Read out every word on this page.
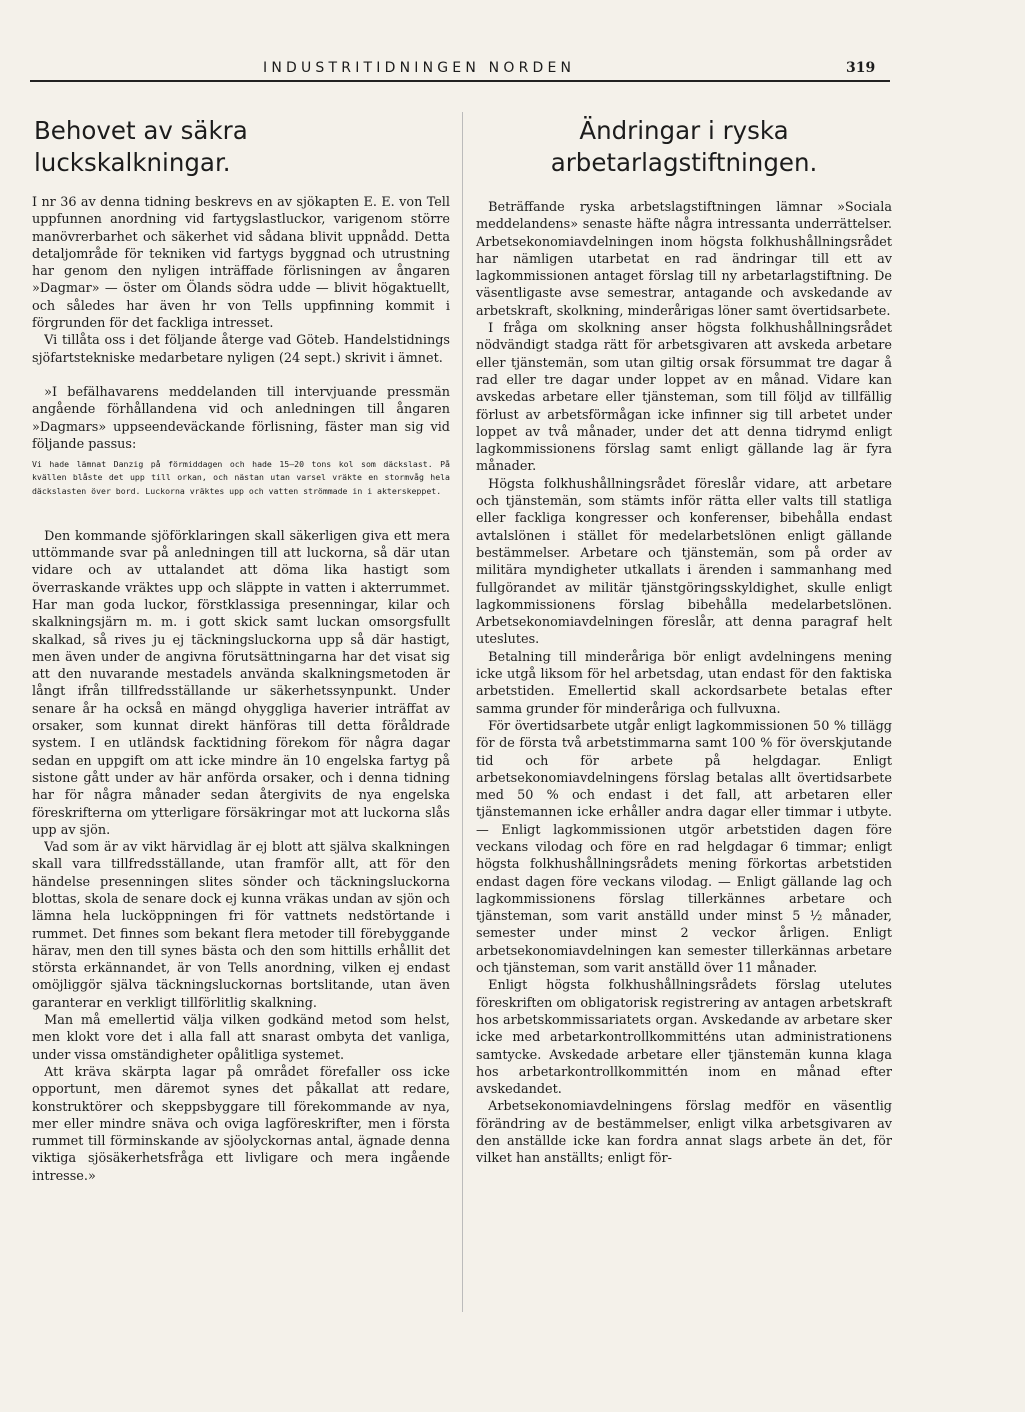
INDUSTRITIDNINGEN NORDEN	319
Behovet av säkra luckskalkningar.

I nr 36 av denna tidning beskrevs en av sjökapten E. E. von Tell uppfunnen anordning vid fartygslastluckor, varigenom större manövrerbarhet och säkerhet vid sådana blivit uppnådd. Detta detaljområde för tekniken vid fartygs byggnad och utrustning har genom den nyligen inträffade förlisningen av ångaren »Dagmar» — öster om Ölands södra udde — blivit högaktuellt, och således har även hr von Tells uppfinning kommit i förgrunden för det fackliga intresset.

Vi tillåta oss i det följande återge vad Göteb. Handelstidnings sjöfartstekniske medarbetare nyligen (24 sept.) skrivit i ämnet.

»I befälhavarens meddelanden till intervjuande pressmän angående förhållandena vid och anledningen till ångaren »Dagmars» uppseendeväckande förlisning, fäster man sig vid följande passus:

Vi hade lämnat Danzig på förmiddagen och hade 15—20 tons kol som däckslast. På kvällen blåste det upp till orkan, och nästan utan varsel vräkte en stormvåg hela däckslasten över bord. Luckorna vräktes upp och vatten strömmade in i akterskeppet.

Den kommande sjöförklaringen skall säkerligen giva ett mera uttömmande svar på anledningen till att luckorna, så där utan vidare och av uttalandet att döma lika hastigt som överraskande vräktes upp och släppte in vatten i akterrummet. Har man goda luckor, förstklassiga presenningar, kilar och skalkningsjärn m. m. i gott skick samt luckan omsorgsfullt skalkad, så rives ju ej täckningsluckorna upp så där hastigt, men även under de angivna förutsättningarna har det visat sig att den nuvarande mestadels använda skalkningsmetoden är långt ifrån tillfredsställande ur säkerhetssynpunkt. Under senare år ha också en mängd ohyggliga haverier inträffat av orsaker, som kunnat direkt hänföras till detta föråldrade system. I en utländsk facktidning förekom för några dagar sedan en uppgift om att icke mindre än 10 engelska fartyg på sistone gått under av här anförda orsaker, och i denna tidning har för några månader sedan återgivits de nya engelska föreskrifterna om ytterligare försäkringar mot att luckorna slås upp av sjön.

Vad som är av vikt härvidlag är ej blott att själva skalkningen skall vara tillfredsställande, utan framför allt, att för den händelse presenningen slites sönder och täckningsluckorna blottas, skola de senare dock ej kunna vräkas undan av sjön och lämna hela lucköppningen fri för vattnets nedstörtande i rummet. Det finnes som bekant flera metoder till förebyggande härav, men den till synes bästa och den som hittills erhållit det största erkännandet, är von Tells anordning, vilken ej endast omöjliggör själva täckningsluckornas bortslitande, utan även garanterar en verkligt tillförlitlig skalkning.

Man må emellertid välja vilken godkänd metod som helst, men klokt vore det i alla fall att snarast ombyta det vanliga, under vissa omständigheter opålitliga systemet.

Att kräva skärpta lagar på området förefaller oss icke opportunt, men däremot synes det påkallat att redare, konstruktörer och skeppsbyggare till förekommande av nya, mer eller mindre snäva och oviga lagföreskrifter, men i första rummet till förminskande av sjöolyckornas antal, ägnade denna viktiga sjösäkerhetsfråga ett livligare och mera ingående intresse.»

Ändringar i ryska arbetarlagstiftningen.

Beträffande ryska arbetslagstiftningen lämnar »Sociala meddelandens» senaste häfte några intressanta underrättelser. Arbetsekonomiavdelningen inom högsta folkhushållningsrådet har nämligen utarbetat en rad ändringar till ett av lagkommissionen antaget förslag till ny arbetarlagstiftning. De väsentligaste avse semestrar, antagande och avskedande av arbetskraft, skolkning, minderårigas löner samt övertidsarbete.

I fråga om skolkning anser högsta folkhushållningsrådet nödvändigt stadga rätt för arbetsgivaren att avskeda arbetare eller tjänstemän, som utan giltig orsak försummat tre dagar å rad eller tre dagar under loppet av en månad. Vidare kan avskedas arbetare eller tjänsteman, som till följd av tillfällig förlust av arbetsförmågan icke infinner sig till arbetet under loppet av två månader, under det att denna tidrymd enligt lagkommissionens förslag samt enligt gällande lag är fyra månader.

Högsta folkhushållningsrådet föreslår vidare, att arbetare och tjänstemän, som stämts inför rätta eller valts till statliga eller fackliga kongresser och konferenser, bibehålla endast avtalslönen i stället för medelarbetslönen enligt gällande bestämmelser. Arbetare och tjänstemän, som på order av militära myndigheter utkallats i ärenden i sammanhang med fullgörandet av militär tjänstgöringsskyldighet, skulle enligt lagkommissionens förslag bibehålla medelarbetslönen. Arbetsekonomiavdelningen föreslår, att denna paragraf helt uteslutes.

Betalning till minderåriga bör enligt avdelningens mening icke utgå liksom för hel arbetsdag, utan endast för den faktiska arbetstiden. Emellertid skall ackordsarbete betalas efter samma grunder för minderåriga och fullvuxna.

För övertidsarbete utgår enligt lagkommissionen 50 % tillägg för de första två arbetstimmarna samt 100 % för överskjutande tid och för arbete på helgdagar. Enligt arbetsekonomiavdelningens förslag betalas allt övertidsarbete med 50 % och endast i det fall, att arbetaren eller tjänstemannen icke erhåller andra dagar eller timmar i utbyte. — Enligt lagkommissionen utgör arbetstiden dagen före veckans vilodag och före en rad helgdagar 6 timmar; enligt högsta folkhushållningsrådets mening förkortas arbetstiden endast dagen före veckans vilodag. — Enligt gällande lag och lagkommissionens förslag tillerkännes arbetare och tjänsteman, som varit anställd under minst 5 ½ månader, semester under minst 2 veckor årligen. Enligt arbetsekonomiavdelningen kan semester tillerkännas arbetare och tjänsteman, som varit anställd över 11 månader.

Enligt högsta folkhushållningsrådets förslag utelutes föreskriften om obligatorisk registrering av antagen arbetskraft hos arbetskommissariatets organ. Avskedande av arbetare sker icke med arbetarkontrollkommitténs utan administrationens samtycke. Avskedade arbetare eller tjänstemän kunna klaga hos arbetarkontrollkommittén inom en månad efter avskedandet.

Arbetsekonomiavdelningens förslag medför en väsentlig förändring av de bestämmelser, enligt vilka arbetsgivaren av den anställde icke kan fordra annat slags arbete än det, för vilket han anställts; enligt för-
